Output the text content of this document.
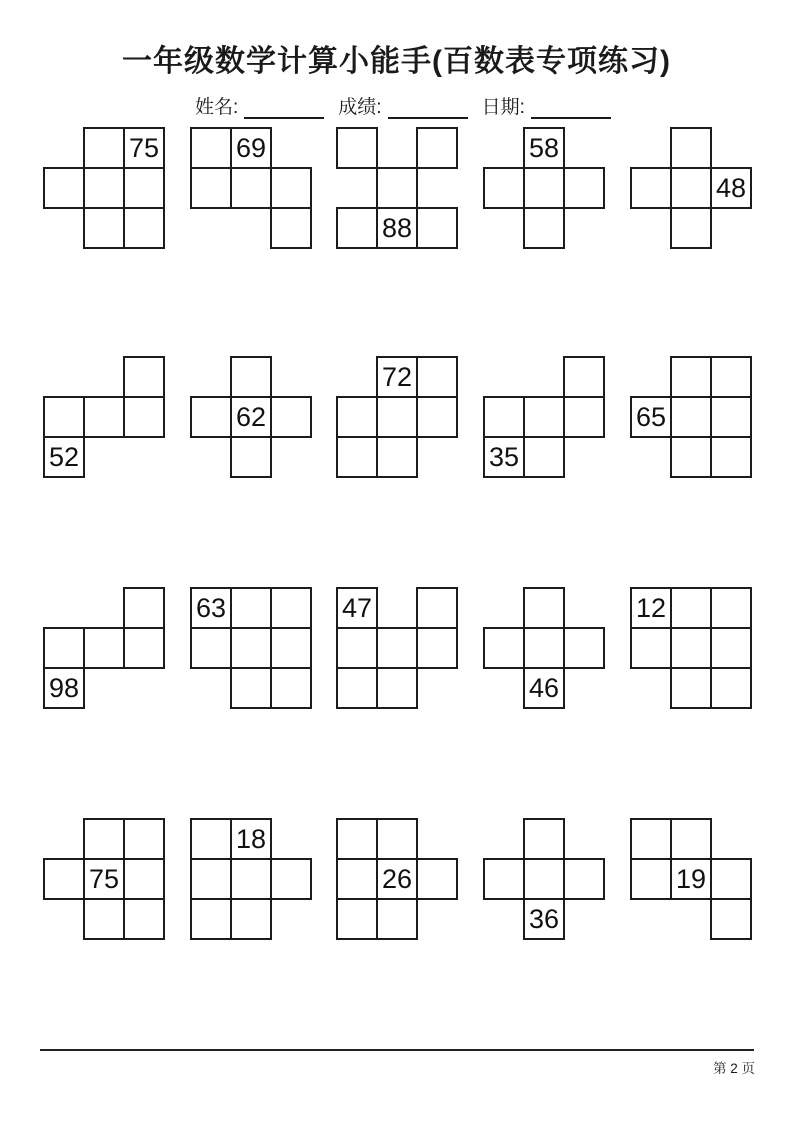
一年级数学计算小能手(百数表专项练习)
姓名:	成绩:	日期:
75	69
88
58
48
52
62
72
35
65
98
63	47
46
12
75
18
26
36
19
第 2 页
